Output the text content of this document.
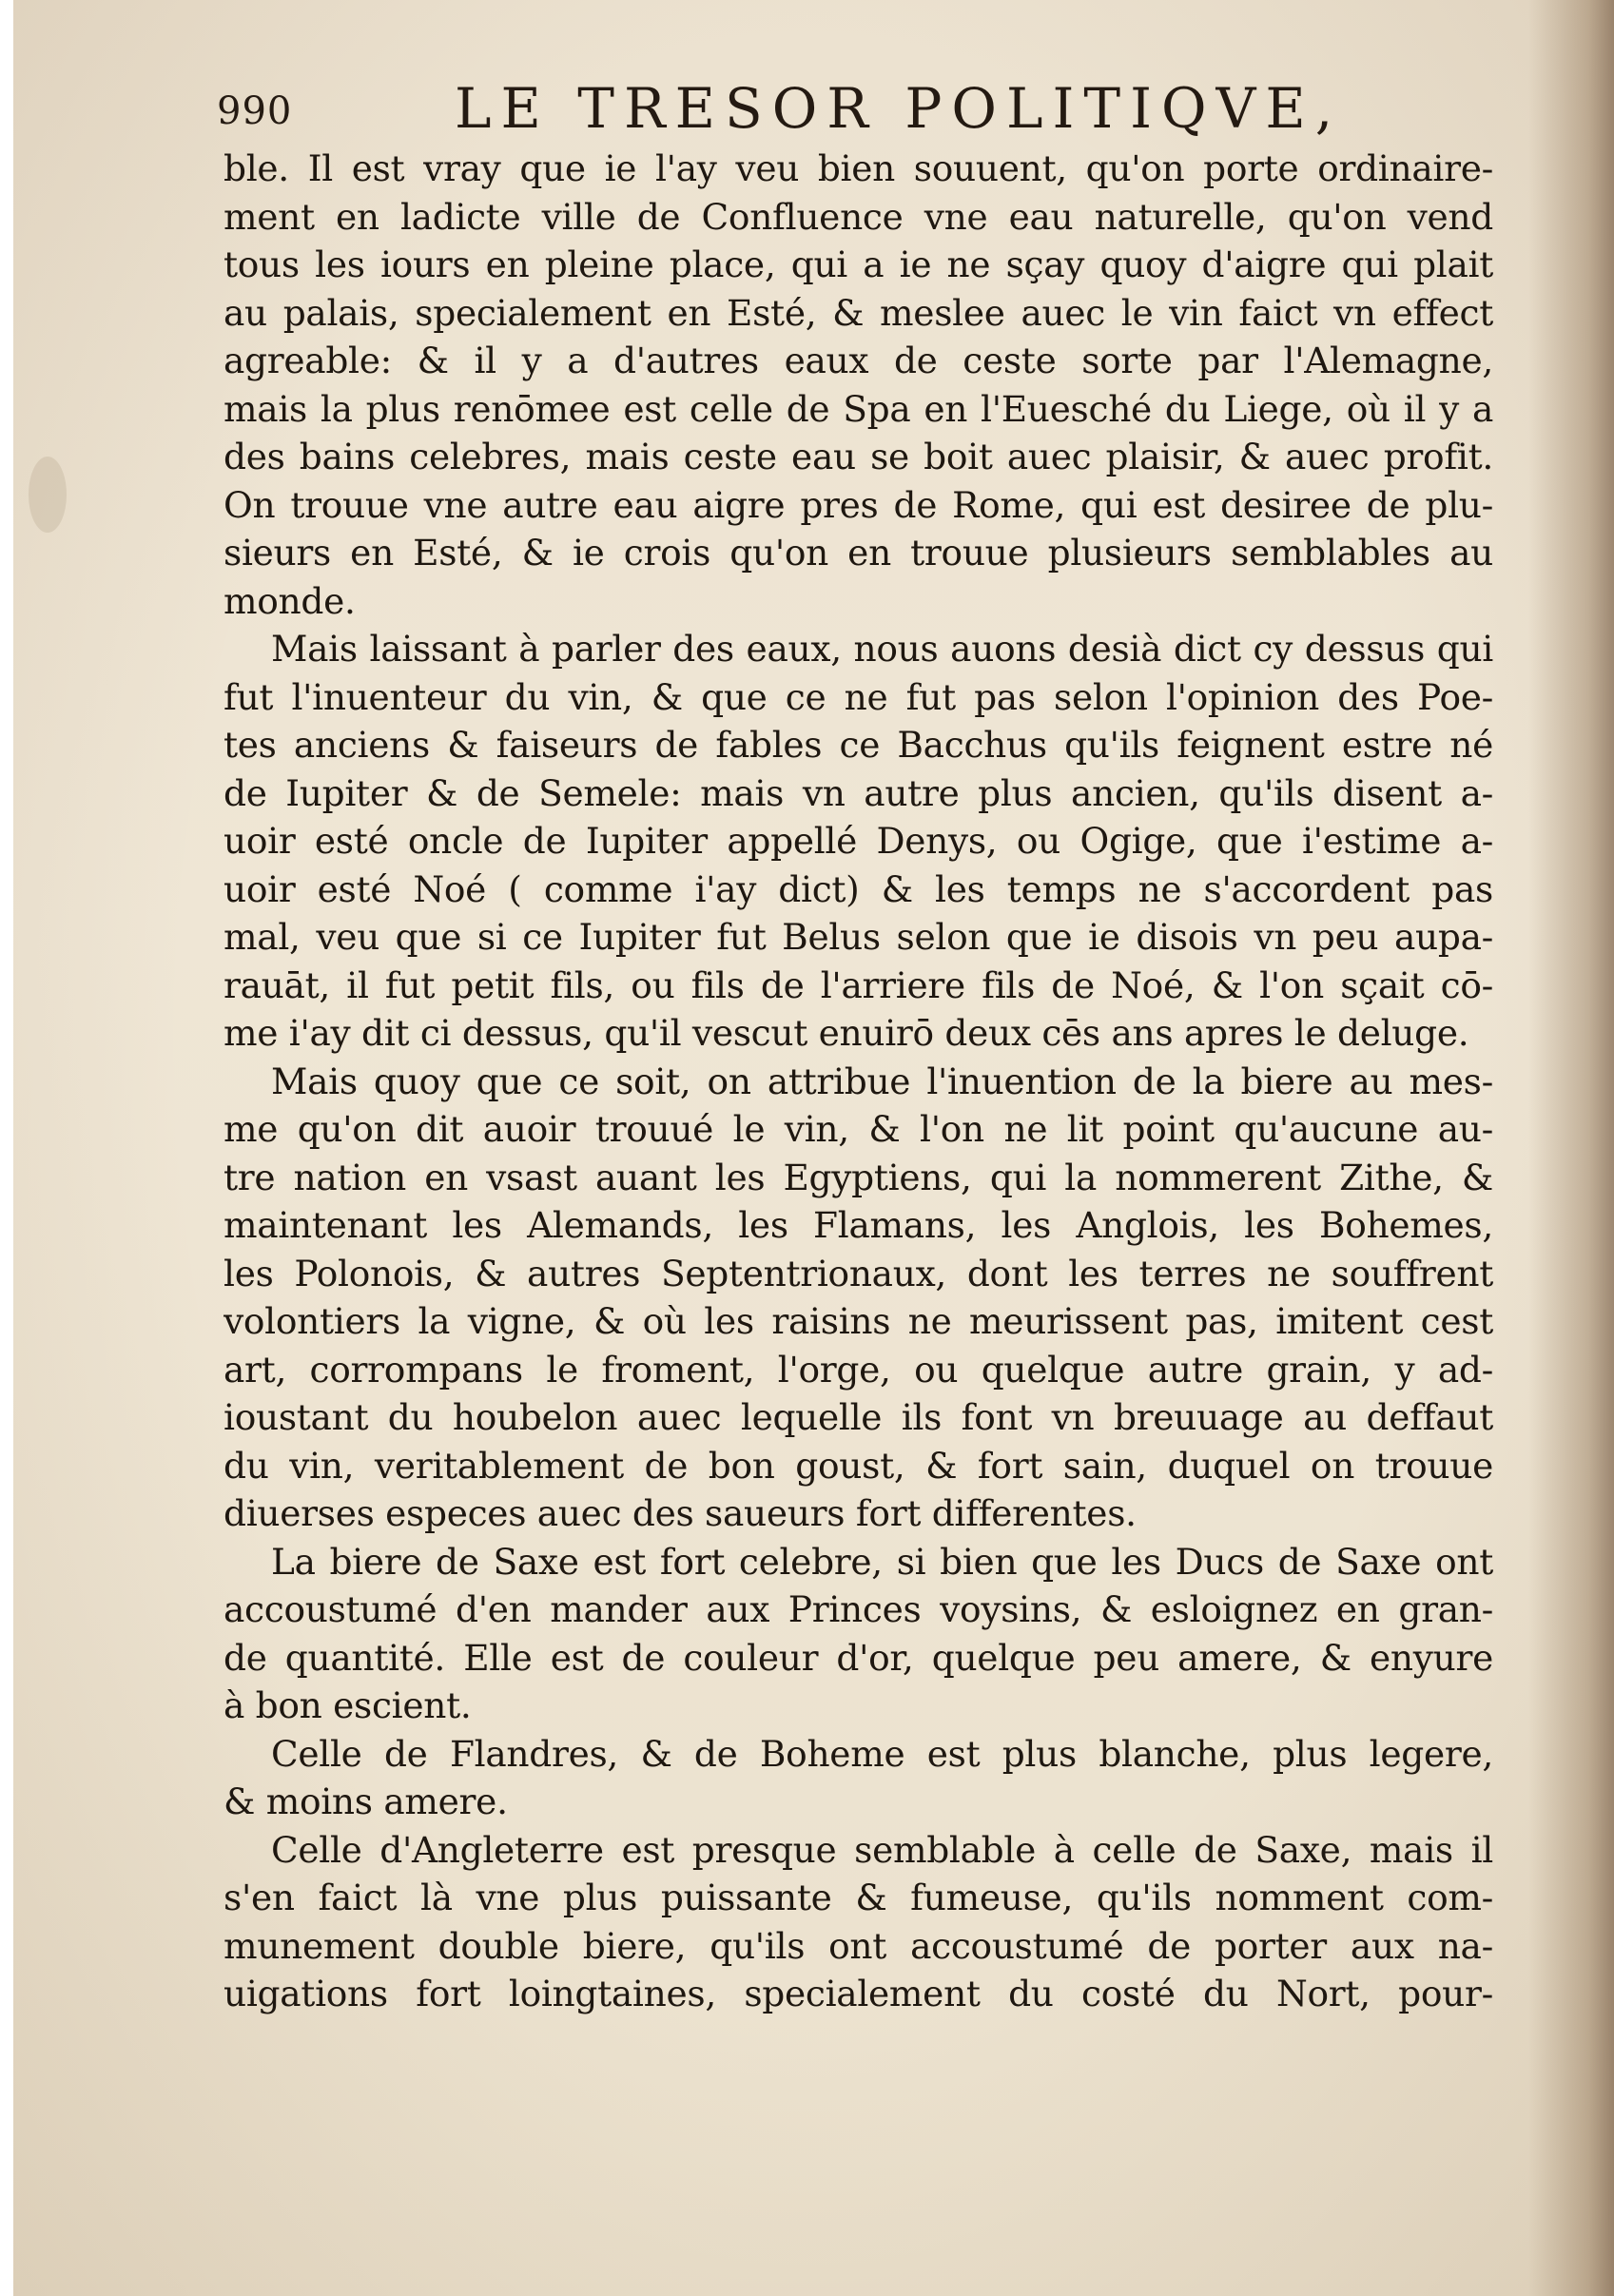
990	LE TRESOR POLITIQVE,
ble. Il est vray que ie l'ay veu bien souuent, qu'on porte ordinaire-
ment en ladicte ville de Confluence vne eau naturelle, qu'on vend
tous les iours en pleine place, qui a ie ne sçay quoy d'aigre qui plait
au palais, specialement en Esté, & meslee auec le vin faict vn effect
agreable: & il y a d'autres eaux de ceste sorte par l'Alemagne,
mais la plus renōmee est celle de Spa en l'Euesché du Liege, où il y a
des bains celebres, mais ceste eau se boit auec plaisir, & auec profit.
On trouue vne autre eau aigre pres de Rome, qui est desiree de plu-
sieurs en Esté, & ie crois qu'on en trouue plusieurs semblables au
monde.
Mais laissant à parler des eaux, nous auons desià dict cy dessus qui
fut l'inuenteur du vin, & que ce ne fut pas selon l'opinion des Poe-
tes anciens & faiseurs de fables ce Bacchus qu'ils feignent estre né
de Iupiter & de Semele: mais vn autre plus ancien, qu'ils disent a-
uoir esté oncle de Iupiter appellé Denys, ou Ogige, que i'estime a-
uoir esté Noé ( comme i'ay dict) & les temps ne s'accordent pas
mal, veu que si ce Iupiter fut Belus selon que ie disois vn peu aupa-
rauāt, il fut petit fils, ou fils de l'arriere fils de Noé, & l'on sçait cō-
me i'ay dit ci dessus, qu'il vescut enuirō deux cēs ans apres le deluge.
Mais quoy que ce soit, on attribue l'inuention de la biere au mes-
me qu'on dit auoir trouué le vin, & l'on ne lit point qu'aucune au-
tre nation en vsast auant les Egyptiens, qui la nommerent Zithe, &
maintenant les Alemands, les Flamans, les Anglois, les Bohemes,
les Polonois, & autres Septentrionaux, dont les terres ne souffrent
volontiers la vigne, & où les raisins ne meurissent pas, imitent cest
art, corrompans le froment, l'orge, ou quelque autre grain, y ad-
ioustant du houbelon auec lequelle ils font vn breuuage au deffaut
du vin, veritablement de bon goust, & fort sain, duquel on trouue
diuerses especes auec des saueurs fort differentes.
La biere de Saxe est fort celebre, si bien que les Ducs de Saxe ont
accoustumé d'en mander aux Princes voysins, & esloignez en gran-
de quantité. Elle est de couleur d'or, quelque peu amere, & enyure
à bon escient.
Celle de Flandres, & de Boheme est plus blanche, plus legere,
& moins amere.
Celle d'Angleterre est presque semblable à celle de Saxe, mais il
s'en faict là vne plus puissante & fumeuse, qu'ils nomment com-
munement double biere, qu'ils ont accoustumé de porter aux na-
uigations fort loingtaines, specialement du costé du Nort, pour-
